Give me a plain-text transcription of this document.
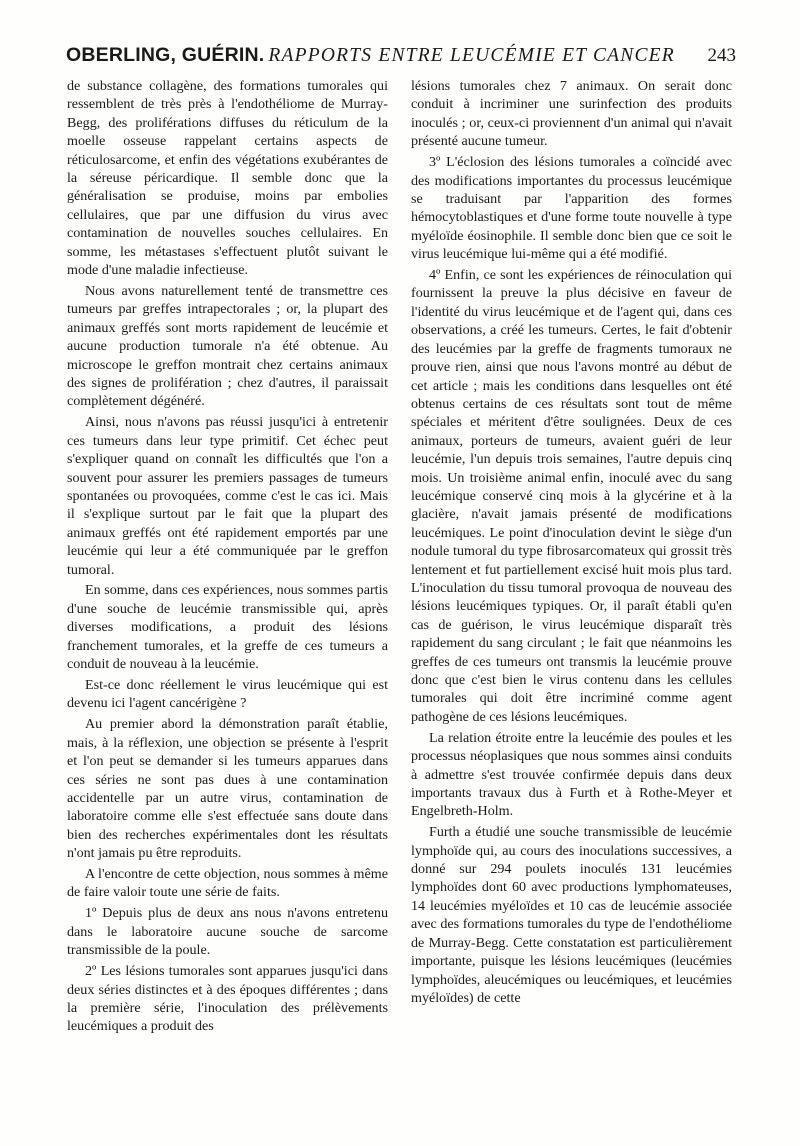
OBERLING, GUÉRIN. RAPPORTS ENTRE LEUCÉMIE ET CANCER 243

de substance collagène, des formations tumorales qui ressemblent de très près à l'endothéliome de Murray-Begg, des proliférations diffuses du réticulum de la moelle osseuse rappelant certains aspects de réticulosarcome, et enfin des végétations exubérantes de la séreuse péricardique. Il semble donc que la généralisation se produise, moins par embolies cellulaires, que par une diffusion du virus avec contamination de nouvelles souches cellulaires. En somme, les métastases s'effectuent plutôt suivant le mode d'une maladie infectieuse.

Nous avons naturellement tenté de transmettre ces tumeurs par greffes intrapectorales ; or, la plupart des animaux greffés sont morts rapidement de leucémie et aucune production tumorale n'a été obtenue. Au microscope le greffon montrait chez certains animaux des signes de prolifération ; chez d'autres, il paraissait complètement dégénéré.

Ainsi, nous n'avons pas réussi jusqu'ici à entretenir ces tumeurs dans leur type primitif. Cet échec peut s'expliquer quand on connaît les difficultés que l'on a souvent pour assurer les premiers passages de tumeurs spontanées ou provoquées, comme c'est le cas ici. Mais il s'explique surtout par le fait que la plupart des animaux greffés ont été rapidement emportés par une leucémie qui leur a été communiquée par le greffon tumoral.

En somme, dans ces expériences, nous sommes partis d'une souche de leucémie transmissible qui, après diverses modifications, a produit des lésions franchement tumorales, et la greffe de ces tumeurs a conduit de nouveau à la leucémie.

Est-ce donc réellement le virus leucémique qui est devenu ici l'agent cancérigène ?

Au premier abord la démonstration paraît établie, mais, à la réflexion, une objection se présente à l'esprit et l'on peut se demander si les tumeurs apparues dans ces séries ne sont pas dues à une contamination accidentelle par un autre virus, contamination de laboratoire comme elle s'est effectuée sans doute dans bien des recherches expérimentales dont les résultats n'ont jamais pu être reproduits.

A l'encontre de cette objection, nous sommes à même de faire valoir toute une série de faits.

1º Depuis plus de deux ans nous n'avons entretenu dans le laboratoire aucune souche de sarcome transmissible de la poule.

2º Les lésions tumorales sont apparues jusqu'ici dans deux séries distinctes et à des époques différentes ; dans la première série, l'inoculation des prélèvements leucémiques a produit des

lésions tumorales chez 7 animaux. On serait donc conduit à incriminer une surinfection des produits inoculés ; or, ceux-ci proviennent d'un animal qui n'avait présenté aucune tumeur.

3º L'éclosion des lésions tumorales a coïncidé avec des modifications importantes du processus leucémique se traduisant par l'apparition des formes hémocytoblastiques et d'une forme toute nouvelle à type myéloïde éosinophile. Il semble donc bien que ce soit le virus leucémique lui-même qui a été modifié.

4º Enfin, ce sont les expériences de réinoculation qui fournissent la preuve la plus décisive en faveur de l'identité du virus leucémique et de l'agent qui, dans ces observations, a créé les tumeurs. Certes, le fait d'obtenir des leucémies par la greffe de fragments tumoraux ne prouve rien, ainsi que nous l'avons montré au début de cet article ; mais les conditions dans lesquelles ont été obtenus certains de ces résultats sont tout de même spéciales et méritent d'être soulignées. Deux de ces animaux, porteurs de tumeurs, avaient guéri de leur leucémie, l'un depuis trois semaines, l'autre depuis cinq mois. Un troisième animal enfin, inoculé avec du sang leucémique conservé cinq mois à la glycérine et à la glacière, n'avait jamais présenté de modifications leucémiques. Le point d'inoculation devint le siège d'un nodule tumoral du type fibrosarcomateux qui grossit très lentement et fut partiellement excisé huit mois plus tard. L'inoculation du tissu tumoral provoqua de nouveau des lésions leucémiques typiques. Or, il paraît établi qu'en cas de guérison, le virus leucémique disparaît très rapidement du sang circulant ; le fait que néanmoins les greffes de ces tumeurs ont transmis la leucémie prouve donc que c'est bien le virus contenu dans les cellules tumorales qui doit être incriminé comme agent pathogène de ces lésions leucémiques.

La relation étroite entre la leucémie des poules et les processus néoplasiques que nous sommes ainsi conduits à admettre s'est trouvée confirmée depuis dans deux importants travaux dus à Furth et à Rothe-Meyer et Engelbreth-Holm.

Furth a étudié une souche transmissible de leucémie lymphoïde qui, au cours des inoculations successives, a donné sur 294 poulets inoculés 131 leucémies lymphoïdes dont 60 avec productions lymphomateuses, 14 leucémies myéloïdes et 10 cas de leucémie associée avec des formations tumorales du type de l'endothéliome de Murray-Begg. Cette constatation est particulièrement importante, puisque les lésions leucémiques (leucémies lymphoïdes, aleucémiques ou leucémiques, et leucémies myéloïdes) de cette
